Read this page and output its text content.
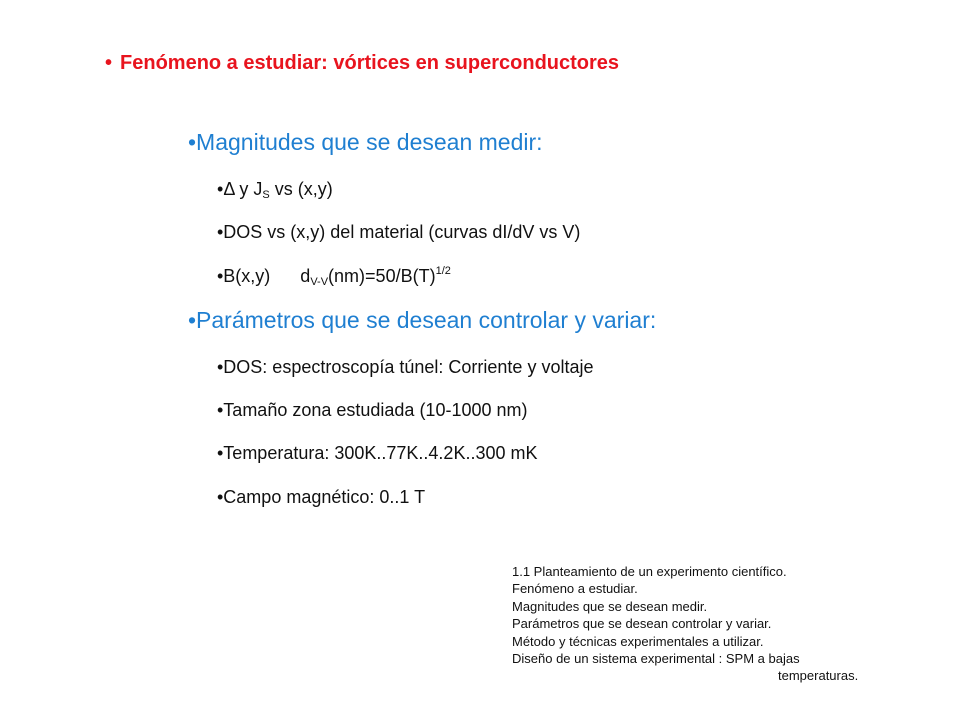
• Fenómeno a estudiar: vórtices en superconductores
•Magnitudes que se desean medir:
•Δ y $J_S$ vs (x,y)
•DOS vs (x,y) del material (curvas dI/dV vs V)
•B(x,y) $d_{V-V}(nm)=50/B(T)^{1/2}$
•Parámetros que se desean controlar y variar:
•DOS: espectroscopía túnel: Corriente y voltaje
•Tamaño zona estudiada (10-1000 nm)
•Temperatura: 300K..77K..4.2K..300 mK
•Campo magnético: 0..1 T
1.1 Planteamiento de un experimento científico.
Fenómeno a estudiar.
Magnitudes que se desean medir.
Parámetros que se desean controlar y variar.
Método y técnicas experimentales a utilizar.
Diseño de un sistema experimental : SPM a bajas
temperaturas.
